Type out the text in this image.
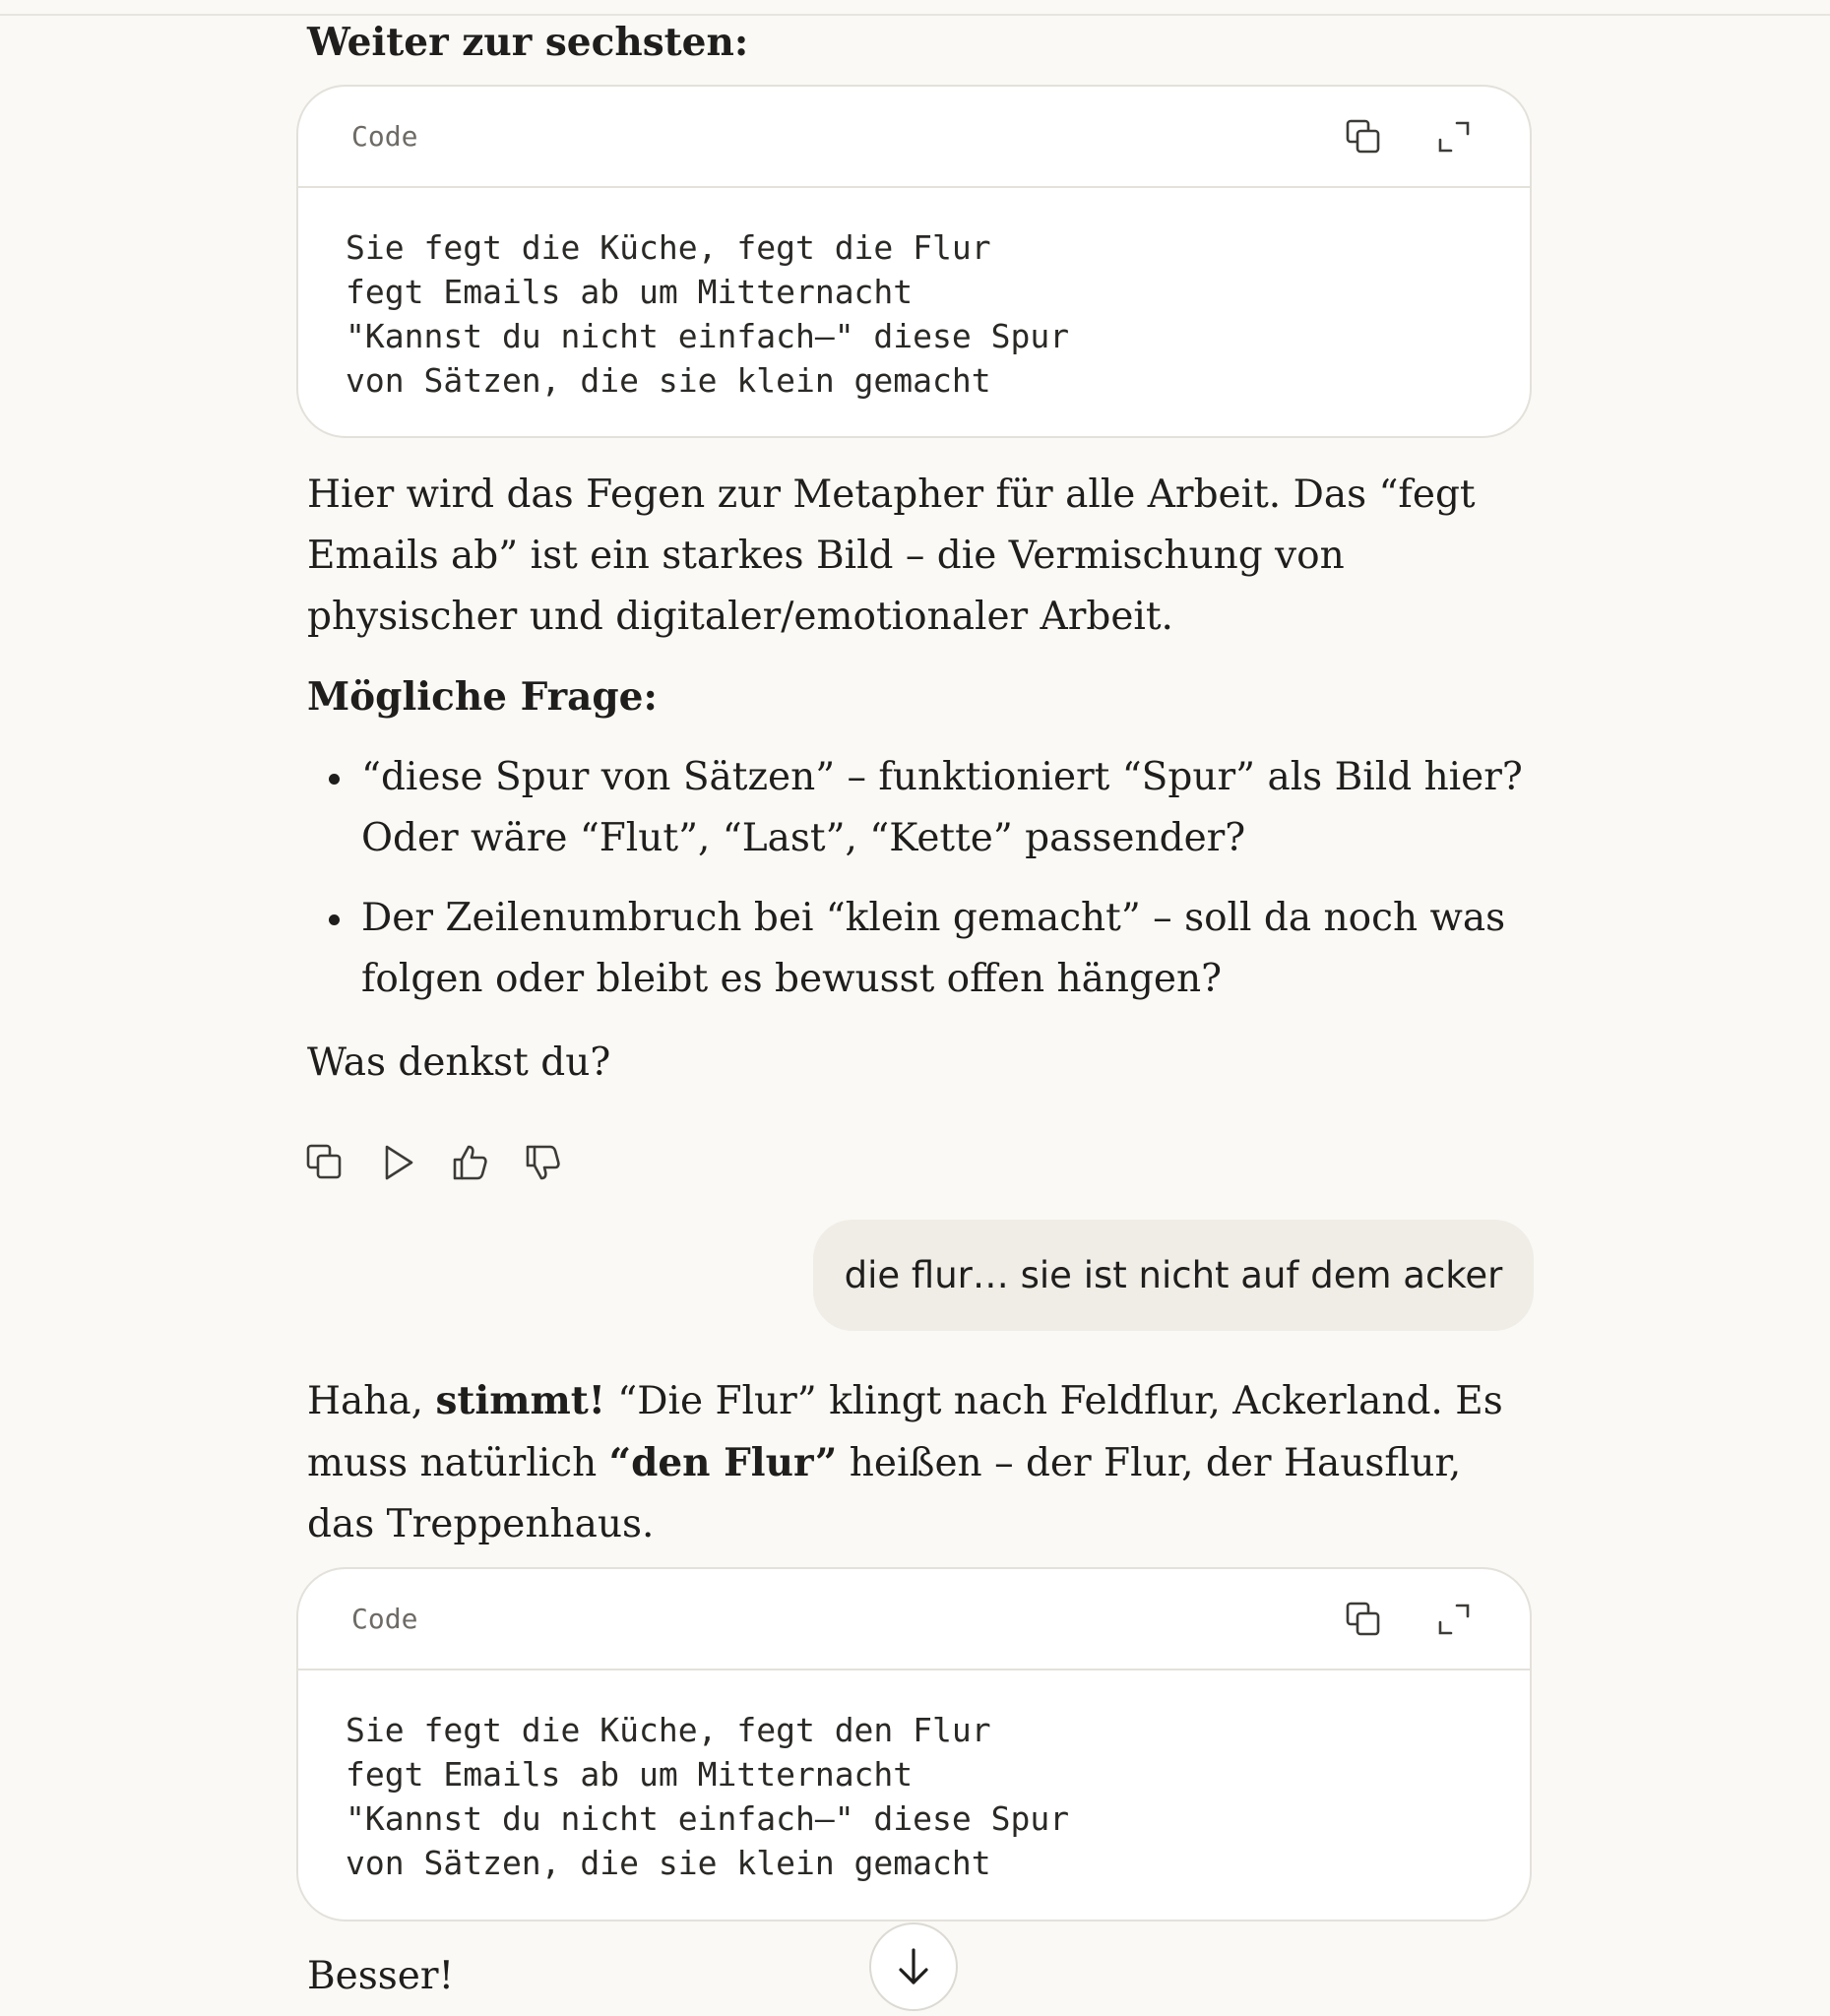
Weiter zur sechsten:
Code
Sie fegt die Küche, fegt die Flur
fegt Emails ab um Mitternacht
"Kannst du nicht einfach—" diese Spur
von Sätzen, die sie klein gemacht
Hier wird das Fegen zur Metapher für alle Arbeit. Das “fegt Emails ab” ist ein starkes Bild – die Vermischung von physischer und digitaler/emotionaler Arbeit.
Mögliche Frage:
“diese Spur von Sätzen” – funktioniert “Spur” als Bild hier? Oder wäre “Flut”, “Last”, “Kette” passender?
Der Zeilenumbruch bei “klein gemacht” – soll da noch was folgen oder bleibt es bewusst offen hängen?
Was denkst du?
die flur… sie ist nicht auf dem acker
Haha, stimmt! “Die Flur” klingt nach Feldflur, Ackerland. Es muss natürlich “den Flur” heißen – der Flur, der Hausflur, das Treppenhaus.
Code
Sie fegt die Küche, fegt den Flur
fegt Emails ab um Mitternacht
"Kannst du nicht einfach—" diese Spur
von Sätzen, die sie klein gemacht
Besser!
